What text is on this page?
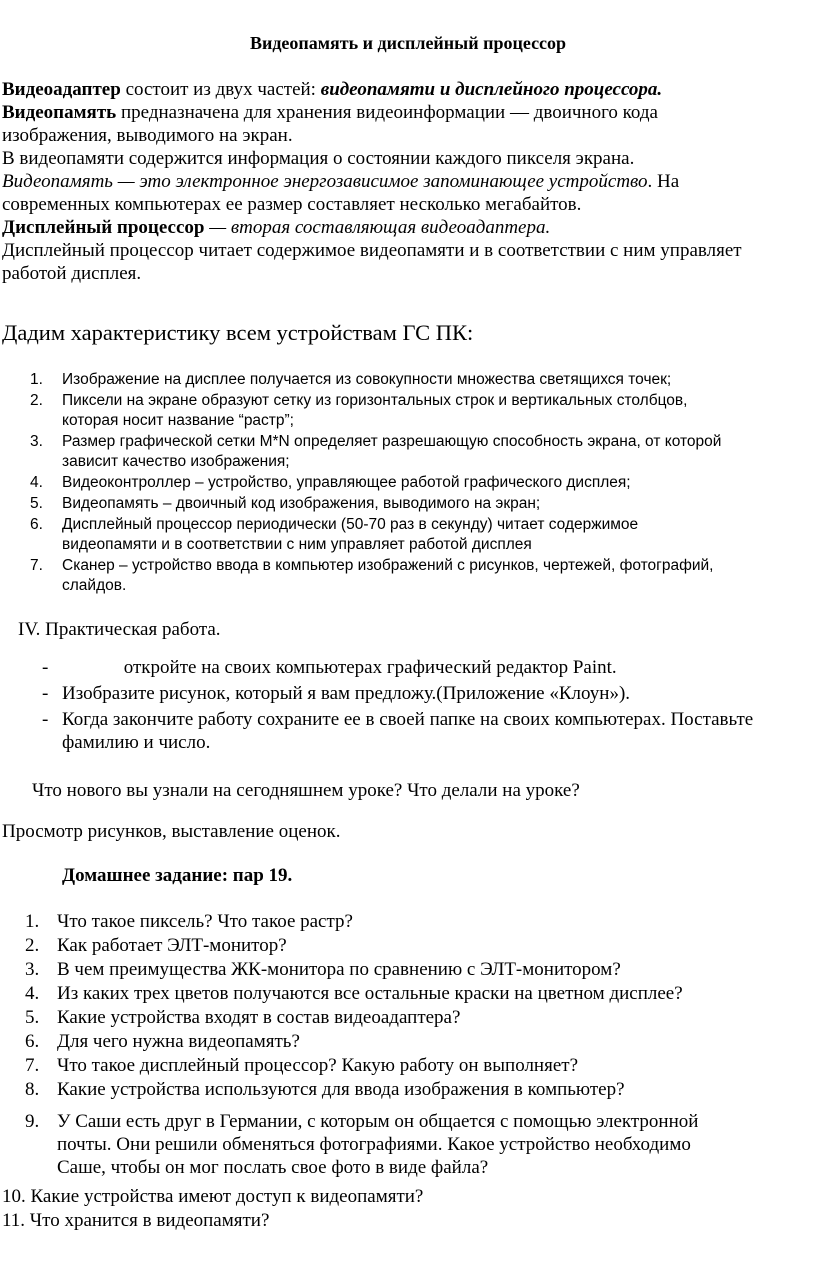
Видеопамять и дисплейный процессор

Видеоадаптер состоит из двух частей: видеопамяти и дисплейного процессора.

Видеопамять предназначена для хранения видеоинформации — двоичного кода

изображения, выводимого на экран.

В видеопамяти содержится информация о состоянии каждого пикселя экрана.

Видеопамять — это электронное энергозависимое запоминающее устройство. На

современных компьютерах ее размер составляет несколько мегабайтов.

Дисплейный процессор — вторая составляющая видеоадаптера.

Дисплейный процессор читает содержимое видеопамяти и в соответствии с ним управляет

работой дисплея.

Дадим характеристику всем устройствам ГС ПК:
1. Изображение на дисплее получается из совокупности множества светящихся точек;
2. Пиксели на экране образуют сетку из горизонтальных строк и вертикальных столбцов,
которая носит название “растр”;
3. Размер графической сетки M*N определяет разрешающую способность экрана, от которой
зависит качество изображения;
4. Видеоконтроллер – устройство, управляющее работой графического дисплея;
5. Видеопамять – двоичный код изображения, выводимого на экран;
6. Дисплейный процессор периодически (50-70 раз в секунду) читает содержимое
видеопамяти и в соответствии с ним управляет работой дисплея
7. Сканер – устройство ввода в компьютер изображений с рисунков, чертежей, фотографий,
слайдов.
IV. Практическая работа.

- откройте на своих компьютерах графический редактор Paint.

- Изобразите рисунок, который я вам предложу.(Приложение «Клоун»).

- Когда закончите работу сохраните ее в своей папке на своих компьютерах. Поставьте
фамилию и число.

Что нового вы узнали на сегодняшнем уроке? Что делали на уроке?
Просмотр рисунков, выставление оценок.
Домашнее задание: пар 19.
1. Что такое пиксель? Что такое растр?
2. Как работает ЭЛТ-монитор?
3. В чем преимущества ЖК-монитора по сравнению с ЭЛТ-монитором?
4. Из каких трех цветов получаются все остальные краски на цветном дисплее?
5. Какие устройства входят в состав видеоадаптера?
6. Для чего нужна видеопамять?
7. Что такое дисплейный процессор? Какую работу он выполняет?
8. Какие устройства используются для ввода изображения в компьютер?
9. У Саши есть друг в Германии, с которым он общается с помощью электронной
почты. Они решили обменяться фотографиями. Какое устройство необходимо
Саше, чтобы он мог послать свое фото в виде файла?
10. Какие устройства имеют доступ к видеопамяти?
11. Что хранится в видеопамяти?
